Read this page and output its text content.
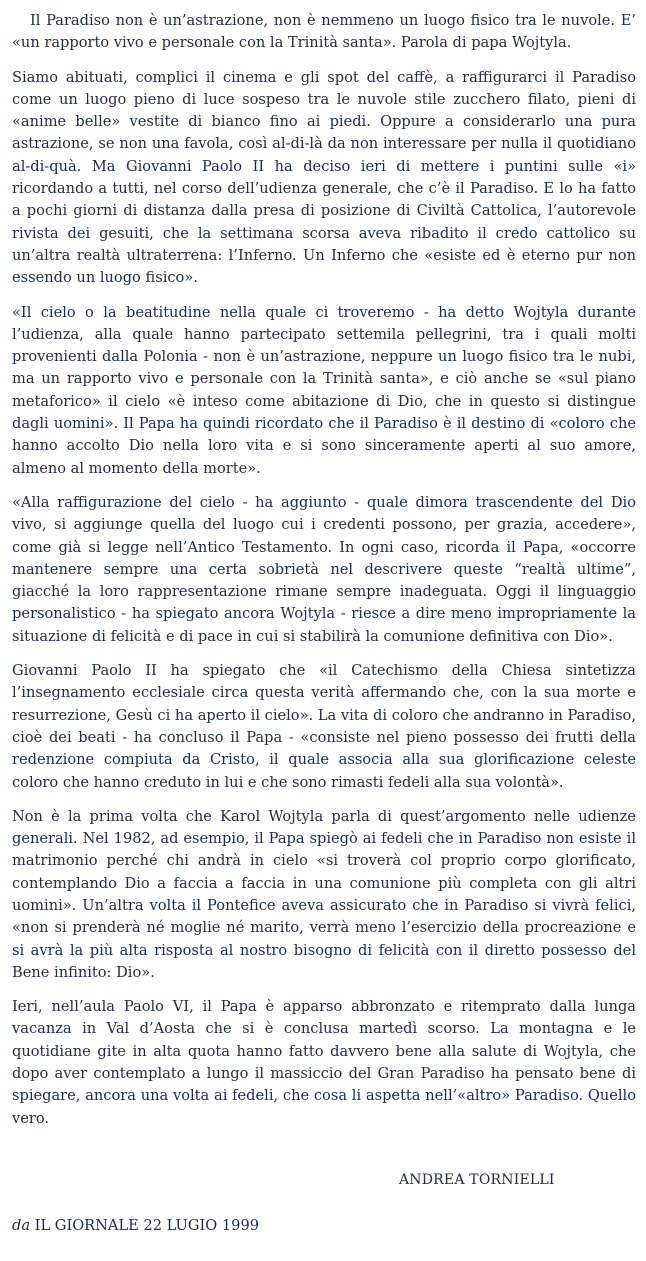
Il Paradiso non è un’astrazione, non è nemmeno un luogo fisico tra le nuvole. E’ «un rapporto vivo e personale con la Trinità santa». Parola di papa Wojtyla.

Siamo abituati, complici il cinema e gli spot del caffè, a raffigurarci il Paradiso come un luogo pieno di luce sospeso tra le nuvole stile zucchero filato, pieni di «anime belle» vestite di bianco fino ai piedi. Oppure a considerarlo una pura astrazione, se non una favola, così al-di-là da non interessare per nulla il quotidiano al-di-quà. Ma Giovanni Paolo II ha deciso ieri di mettere i puntini sulle «i» ricordando a tutti, nel corso dell’udienza generale, che c’è il Paradiso. E lo ha fatto a pochi giorni di distanza dalla presa di posizione di Civiltà Cattolica, l’autorevole rivista dei gesuiti, che la settimana scorsa aveva ribadito il credo cattolico su un’altra realtà ultraterrena: l’Inferno. Un Inferno che «esiste ed è eterno pur non essendo un luogo fisico».

«Il cielo o la beatitudine nella quale ci troveremo - ha detto Wojtyla durante l’udienza, alla quale hanno partecipato settemila pellegrini, tra i quali molti provenienti dalla Polonia - non è un’astrazione, neppure un luogo fisico tra le nubi, ma un rapporto vivo e personale con la Trinità santa», e ciò anche se «sul piano metaforico» il cielo «è inteso come abitazione di Dio, che in questo si distingue dagli uomini». Il Papa ha quindi ricordato che il Paradiso è il destino di «coloro che hanno accolto Dio nella loro vita e si sono sinceramente aperti al suo amore, almeno al momento della morte».

«Alla raffigurazione del cielo - ha aggiunto - quale dimora trascendente del Dio vivo, si aggiunge quella del luogo cui i credenti possono, per grazia, accedere», come già si legge nell’Antico Testamento. In ogni caso, ricorda il Papa, «occorre mantenere sempre una certa sobrietà nel descrivere queste “realtà ultime”, giacché la loro rappresentazione rimane sempre inadeguata. Oggi il linguaggio personalistico - ha spiegato ancora Wojtyla - riesce a dire meno impropriamente la situazione di felicità e di pace in cui si stabilirà la comunione definitiva con Dio».

Giovanni Paolo II ha spiegato che «il Catechismo della Chiesa sintetizza l’insegnamento ecclesiale circa questa verità affermando che, con la sua morte e resurrezione, Gesù ci ha aperto il cielo». La vita di coloro che andranno in Paradiso, cioè dei beati - ha concluso il Papa - «consiste nel pieno possesso dei frutti della redenzione compiuta da Cristo, il quale associa alla sua glorificazione celeste coloro che hanno creduto in lui e che sono rimasti fedeli alla sua volontà».

Non è la prima volta che Karol Wojtyla parla di quest’argomento nelle udienze generali. Nel 1982, ad esempio, il Papa spiegò ai fedeli che in Paradiso non esiste il matrimonio perché chi andrà in cielo «si troverà col proprio corpo glorificato, contemplando Dio a faccia a faccia in una comunione più completa con gli altri uomini». Un’altra volta il Pontefice aveva assicurato che in Paradiso si vivrà felici, «non si prenderà né moglie né marito, verrà meno l’esercizio della procreazione e si avrà la più alta risposta al nostro bisogno di felicità con il diretto possesso del Bene infinito: Dio».

Ieri, nell’aula Paolo VI, il Papa è apparso abbronzato e ritemprato dalla lunga vacanza in Val d’Aosta che si è conclusa martedì scorso. La montagna e le quotidiane gite in alta quota hanno fatto davvero bene alla salute di Wojtyla, che dopo aver contemplato a lungo il massiccio del Gran Paradiso ha pensato bene di spiegare, ancora una volta ai fedeli, che cosa li aspetta nell’«altro» Paradiso. Quello vero.

ANDREA TORNIELLI
da IL GIORNALE 22 LUGIO 1999
